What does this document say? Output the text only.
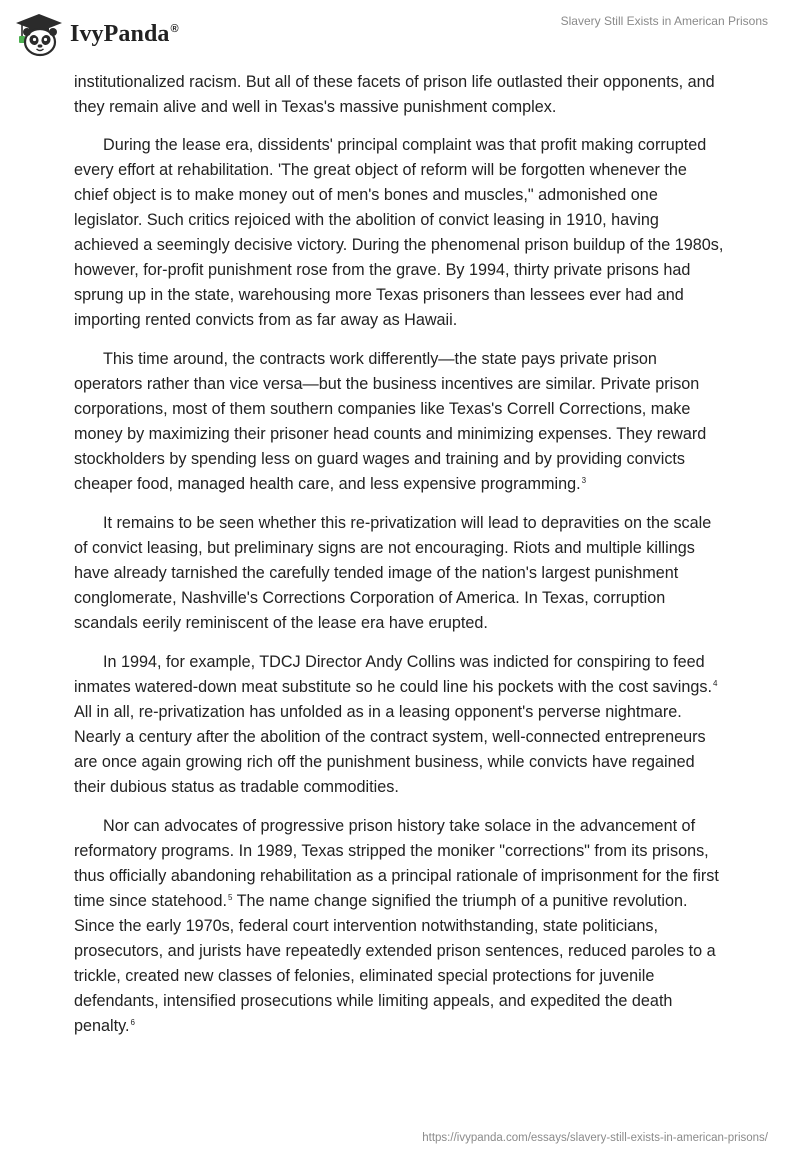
IvyPanda®
Slavery Still Exists in American Prisons

institutionalized racism. But all of these facets of prison life outlasted their opponents, and they remain alive and well in Texas's massive punishment complex.

During the lease era, dissidents' principal complaint was that profit making corrupted every effort at rehabilitation. 'The great object of reform will be forgotten whenever the chief object is to make money out of men's bones and muscles," admonished one legislator. Such critics rejoiced with the abolition of convict leasing in 1910, having achieved a seemingly decisive victory. During the phenomenal prison buildup of the 1980s, however, for-profit punishment rose from the grave. By 1994, thirty private prisons had sprung up in the state, warehousing more Texas prisoners than lessees ever had and importing rented convicts from as far away as Hawaii.

This time around, the contracts work differently—the state pays private prison operators rather than vice versa—but the business incentives are similar. Private prison corporations, most of them southern companies like Texas's Correll Corrections, make money by maximizing their prisoner head counts and minimizing expenses. They reward stockholders by spending less on guard wages and training and by providing convicts cheaper food, managed health care, and less expensive programming.$^3$

It remains to be seen whether this re-privatization will lead to depravities on the scale of convict leasing, but preliminary signs are not encouraging. Riots and multiple killings have already tarnished the carefully tended image of the nation's largest punishment conglomerate, Nashville's Corrections Corporation of America. In Texas, corruption scandals eerily reminiscent of the lease era have erupted.

In 1994, for example, TDCJ Director Andy Collins was indicted for conspiring to feed inmates watered-down meat substitute so he could line his pockets with the cost savings.$^4$ All in all, re-privatization has unfolded as in a leasing opponent's perverse nightmare. Nearly a century after the abolition of the contract system, well-connected entrepreneurs are once again growing rich off the punishment business, while convicts have regained their dubious status as tradable commodities.

Nor can advocates of progressive prison history take solace in the advancement of reformatory programs. In 1989, Texas stripped the moniker "corrections" from its prisons, thus officially abandoning rehabilitation as a principal rationale of imprisonment for the first time since statehood.$^5$ The name change signified the triumph of a punitive revolution. Since the early 1970s, federal court intervention notwithstanding, state politicians, prosecutors, and jurists have repeatedly extended prison sentences, reduced paroles to a trickle, created new classes of felonies, eliminated special protections for juvenile defendants, intensified prosecutions while limiting appeals, and expedited the death penalty.$^6$

https://ivypanda.com/essays/slavery-still-exists-in-american-prisons/
